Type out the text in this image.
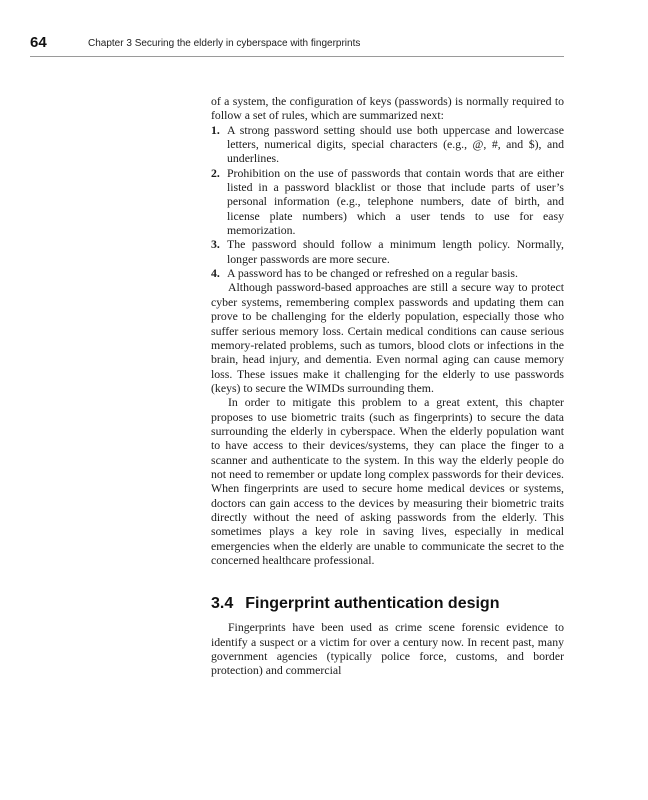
64	Chapter 3 Securing the elderly in cyberspace with fingerprints

of a system, the configuration of keys (passwords) is normally required to follow a set of rules, which are summarized next:

1. A strong password setting should use both uppercase and lowercase letters, numerical digits, special characters (e.g., @, #, and $), and underlines.
2. Prohibition on the use of passwords that contain words that are either listed in a password blacklist or those that include parts of user’s personal information (e.g., telephone numbers, date of birth, and license plate numbers) which a user tends to use for easy memorization.
3. The password should follow a minimum length policy. Normally, longer passwords are more secure.
4. A password has to be changed or refreshed on a regular basis.

Although password-based approaches are still a secure way to protect cyber systems, remembering complex passwords and updating them can prove to be challenging for the elderly population, especially those who suffer serious memory loss. Certain medical conditions can cause serious memory-related problems, such as tumors, blood clots or infections in the brain, head injury, and dementia. Even normal aging can cause memory loss. These issues make it challenging for the elderly to use passwords (keys) to secure the WIMDs surrounding them.

In order to mitigate this problem to a great extent, this chapter proposes to use biometric traits (such as fingerprints) to secure the data surrounding the elderly in cyberspace. When the elderly population want to have access to their devices/​systems, they can place the finger to a scanner and authenticate to the system. In this way the elderly people do not need to remember or update long complex passwords for their devices. When fingerprints are used to secure home medical devices or systems, doctors can gain access to the devices by measuring their biometric traits directly without the need of asking passwords from the elderly. This sometimes plays a key role in saving lives, especially in medical emergencies when the elderly are unable to communicate the secret to the concerned healthcare professional.

3.4 Fingerprint authentication design

Fingerprints have been used as crime scene forensic evidence to identify a suspect or a victim for over a century now. In recent past, many government agencies (typically police force, customs, and border protection) and commercial
